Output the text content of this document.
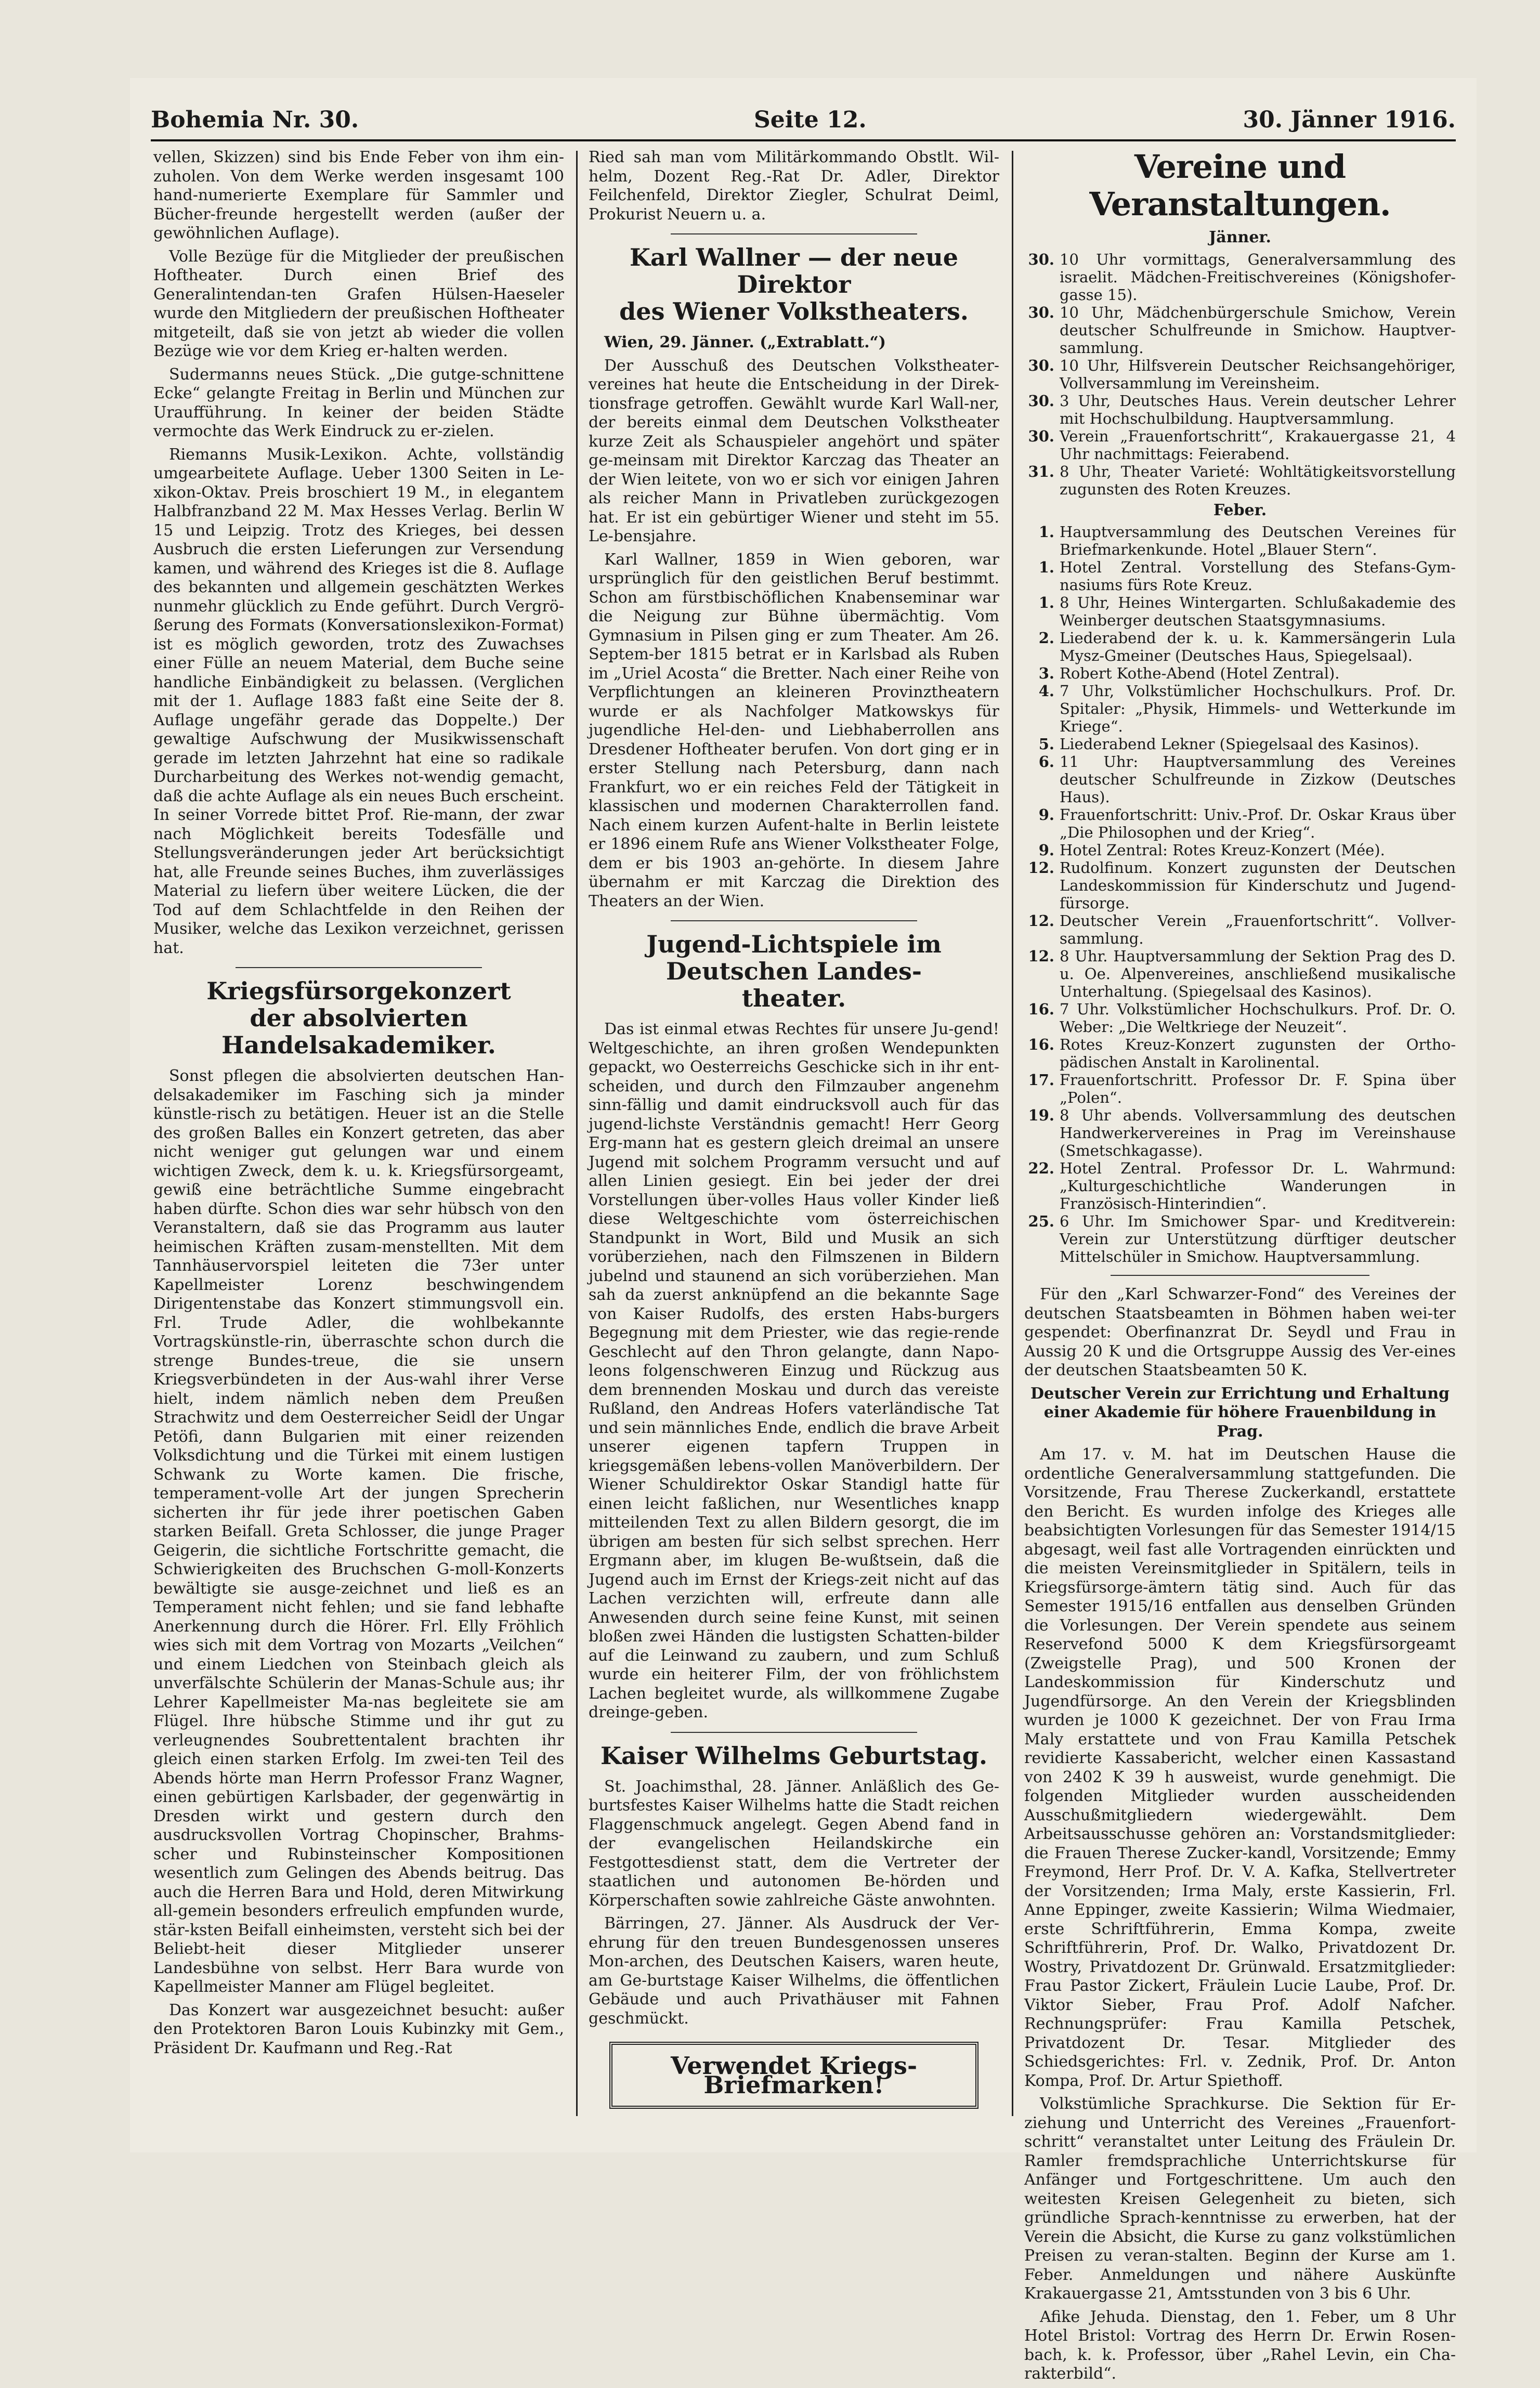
Bohemia Nr. 30.	Seite 12.	30. Jänner 1916.

vellen, Skizzen) sind bis Ende Feber von ihm ein-zuholen. Von dem Werke werden insgesamt 100 hand-numerierte Exemplare für Sammler und Bücher-freunde hergestellt werden (außer der gewöhnlichen Auflage).

Volle Bezüge für die Mitglieder der preußischen Hoftheater. Durch einen Brief des Generalintendan-ten Grafen Hülsen-Haeseler wurde den Mitgliedern der preußischen Hoftheater mitgeteilt, daß sie von jetzt ab wieder die vollen Bezüge wie vor dem Krieg er-halten werden.

Sudermanns neues Stück. „Die gutge-schnittene Ecke“ gelangte Freitag in Berlin und München zur Uraufführung. In keiner der beiden Städte vermochte das Werk Eindruck zu er-zielen.

Riemanns Musik-Lexikon. Achte, vollständig umgearbeitete Auflage. Ueber 1300 Seiten in Le-xikon-Oktav. Preis broschiert 19 M., in elegantem Halbfranzband 22 M. Max Hesses Verlag. Berlin W 15 und Leipzig. Trotz des Krieges, bei dessen Ausbruch die ersten Lieferungen zur Versendung kamen, und während des Krieges ist die 8. Auflage des bekannten und allgemein geschätzten Werkes nunmehr glücklich zu Ende geführt. Durch Vergrö-ßerung des Formats (Konversationslexikon-Format) ist es möglich geworden, trotz des Zuwachses einer Fülle an neuem Material, dem Buche seine handliche Einbändigkeit zu belassen. (Verglichen mit der 1. Auflage 1883 faßt eine Seite der 8. Auflage ungefähr gerade das Doppelte.) Der gewaltige Aufschwung der Musikwissenschaft gerade im letzten Jahrzehnt hat eine so radikale Durcharbeitung des Werkes not-wendig gemacht, daß die achte Auflage als ein neues Buch erscheint. In seiner Vorrede bittet Prof. Rie-mann, der zwar nach Möglichkeit bereits Todesfälle und Stellungsveränderungen jeder Art berücksichtigt hat, alle Freunde seines Buches, ihm zuverlässiges Material zu liefern über weitere Lücken, die der Tod auf dem Schlachtfelde in den Reihen der Musiker, welche das Lexikon verzeichnet, gerissen hat.

Kriegsfürsorgekonzert
der absolvierten Handelsakademiker.

Sonst pflegen die absolvierten deutschen Han-delsakademiker im Fasching sich ja minder künstle-risch zu betätigen. Heuer ist an die Stelle des großen Balles ein Konzert getreten, das aber nicht weniger gut gelungen war und einem wichtigen Zweck, dem k. u. k. Kriegsfürsorgeamt, gewiß eine beträchtliche Summe eingebracht haben dürfte. Schon dies war sehr hübsch von den Veranstaltern, daß sie das Programm aus lauter heimischen Kräften zusam-menstellten. Mit dem Tannhäuservorspiel leiteten die 73er unter Kapellmeister Lorenz beschwingendem Dirigentenstabe das Konzert stimmungsvoll ein. Frl. Trude Adler, die wohlbekannte Vortragskünstle-rin, überraschte schon durch die strenge Bundes-treue, die sie unsern Kriegsverbündeten in der Aus-wahl ihrer Verse hielt, indem nämlich neben dem Preußen Strachwitz und dem Oesterreicher Seidl der Ungar Petöfi, dann Bulgarien mit einer reizenden Volksdichtung und die Türkei mit einem lustigen Schwank zu Worte kamen. Die frische, temperament-volle Art der jungen Sprecherin sicherten ihr für jede ihrer poetischen Gaben starken Beifall. Greta Schlosser, die junge Prager Geigerin, die sichtliche Fortschritte gemacht, die Schwierigkeiten des Bruchschen G-moll-Konzerts bewältigte sie ausge-zeichnet und ließ es an Temperament nicht fehlen; und sie fand lebhafte Anerkennung durch die Hörer. Frl. Elly Fröhlich wies sich mit dem Vortrag von Mozarts „Veilchen“ und einem Liedchen von Steinbach gleich als unverfälschte Schülerin der Manas-Schule aus; ihr Lehrer Kapellmeister Ma-nas begleitete sie am Flügel. Ihre hübsche Stimme und ihr gut zu verleugnendes Soubrettentalent brachten ihr gleich einen starken Erfolg. Im zwei-ten Teil des Abends hörte man Herrn Professor Franz Wagner, einen gebürtigen Karlsbader, der gegenwärtig in Dresden wirkt und gestern durch den ausdrucksvollen Vortrag Chopinscher, Brahms-scher und Rubinsteinscher Kompositionen wesentlich zum Gelingen des Abends beitrug. Das auch die Herren Bara und Hold, deren Mitwirkung all-gemein besonders erfreulich empfunden wurde, stär-ksten Beifall einheimsten, versteht sich bei der Beliebt-heit dieser Mitglieder unserer Landesbühne von selbst. Herr Bara wurde von Kapellmeister Manner am Flügel begleitet.

Das Konzert war ausgezeichnet besucht: außer den Protektoren Baron Louis Kubinzky mit Gem., Präsident Dr. Kaufmann und Reg.-Rat

Ried sah man vom Militärkommando Obstlt. Wil-helm, Dozent Reg.-Rat Dr. Adler, Direktor Feilchenfeld, Direktor Ziegler, Schulrat Deiml, Prokurist Neuern u. a.

Karl Wallner — der neue Direktor
des Wiener Volkstheaters.

Wien, 29. Jänner. („Extrablatt.“)

Der Ausschuß des Deutschen Volkstheater-vereines hat heute die Entscheidung in der Direk-tionsfrage getroffen. Gewählt wurde Karl Wall-ner, der bereits einmal dem Deutschen Volkstheater kurze Zeit als Schauspieler angehört und später ge-meinsam mit Direktor Karczag das Theater an der Wien leitete, von wo er sich vor einigen Jahren als reicher Mann in Privatleben zurückgezogen hat. Er ist ein gebürtiger Wiener und steht im 55. Le-bensjahre.

Karl Wallner, 1859 in Wien geboren, war ursprünglich für den geistlichen Beruf bestimmt. Schon am fürstbischöflichen Knabenseminar war die Neigung zur Bühne übermächtig. Vom Gymnasium in Pilsen ging er zum Theater. Am 26. Septem-ber 1815 betrat er in Karlsbad als Ruben im „Uriel Acosta“ die Bretter. Nach einer Reihe von Verpflichtungen an kleineren Provinztheatern wurde er als Nachfolger Matkowskys für jugendliche Hel-den- und Liebhaberrollen ans Dresdener Hoftheater berufen. Von dort ging er in erster Stellung nach Petersburg, dann nach Frankfurt, wo er ein reiches Feld der Tätigkeit in klassischen und modernen Charakterrollen fand. Nach einem kurzen Aufent-halte in Berlin leistete er 1896 einem Rufe ans Wiener Volkstheater Folge, dem er bis 1903 an-gehörte. In diesem Jahre übernahm er mit Karczag die Direktion des Theaters an der Wien.

Jugend-Lichtspiele im Deutschen Landes-
theater.

Das ist einmal etwas Rechtes für unsere Ju-gend! Weltgeschichte, an ihren großen Wendepunkten gepackt, wo Oesterreichs Geschicke sich in ihr ent-scheiden, und durch den Filmzauber angenehm sinn-fällig und damit eindrucksvoll auch für das jugend-lichste Verständnis gemacht! Herr Georg Erg-mann hat es gestern gleich dreimal an unsere Jugend mit solchem Programm versucht und auf allen Linien gesiegt. Ein bei jeder der drei Vorstellungen über-volles Haus voller Kinder ließ diese Weltgeschichte vom österreichischen Standpunkt in Wort, Bild und Musik an sich vorüberziehen, nach den Filmszenen in Bildern jubelnd und staunend an sich vorüberziehen. Man sah da zuerst anknüpfend an die bekannte Sage von Kaiser Rudolfs, des ersten Habs-burgers Begegnung mit dem Priester, wie das regie-rende Geschlecht auf den Thron gelangte, dann Napo-leons folgenschweren Einzug und Rückzug aus dem brennenden Moskau und durch das vereiste Rußland, den Andreas Hofers vaterländische Tat und sein männliches Ende, endlich die brave Arbeit unserer eigenen tapfern Truppen in kriegsgemäßen lebens-vollen Manöverbildern. Der Wiener Schuldirektor Oskar Standigl hatte für einen leicht faßlichen, nur Wesentliches knapp mitteilenden Text zu allen Bildern gesorgt, die im übrigen am besten für sich selbst sprechen. Herr Ergmann aber, im klugen Be-wußtsein, daß die Jugend auch im Ernst der Kriegs-zeit nicht auf das Lachen verzichten will, erfreute dann alle Anwesenden durch seine feine Kunst, mit seinen bloßen zwei Händen die lustigsten Schatten-bilder auf die Leinwand zu zaubern, und zum Schluß wurde ein heiterer Film, der von fröhlichstem Lachen begleitet wurde, als willkommene Zugabe dreinge-geben.

Kaiser Wilhelms Geburtstag.

St. Joachimsthal, 28. Jänner. Anläßlich des Ge-burtsfestes Kaiser Wilhelms hatte die Stadt reichen Flaggenschmuck angelegt. Gegen Abend fand in der evangelischen Heilandskirche ein Festgottesdienst statt, dem die Vertreter der staatlichen und autonomen Be-hörden und Körperschaften sowie zahlreiche Gäste anwohnten.

Bärringen, 27. Jänner. Als Ausdruck der Ver-ehrung für den treuen Bundesgenossen unseres Mon-archen, des Deutschen Kaisers, waren heute, am Ge-burtstage Kaiser Wilhelms, die öffentlichen Gebäude und auch Privathäuser mit Fahnen geschmückt.

Verwendet Kriegs-Briefmarken!
Vereine und Veranstaltungen.
Jänner.
30. 10 Uhr vormittags, Generalversammlung des israelit. Mädchen-Freitischvereines (Königshofer-gasse 15).
30. 10 Uhr, Mädchenbürgerschule Smichow, Verein deutscher Schulfreunde in Smichow. Hauptver-sammlung.
30. 10 Uhr, Hilfsverein Deutscher Reichsangehöriger, Vollversammlung im Vereinsheim.
30. 3 Uhr, Deutsches Haus. Verein deutscher Lehrer mit Hochschulbildung. Hauptversammlung.
30. Verein „Frauenfortschritt“, Krakauergasse 21, 4 Uhr nachmittags: Feierabend.
31. 8 Uhr, Theater Varieté: Wohltätigkeitsvorstellung zugunsten des Roten Kreuzes.
Feber.
1. Hauptversammlung des Deutschen Vereines für Briefmarkenkunde. Hotel „Blauer Stern“.
1. Hotel Zentral. Vorstellung des Stefans-Gym-nasiums fürs Rote Kreuz.
1. 8 Uhr, Heines Wintergarten. Schlußakademie des Weinberger deutschen Staatsgymnasiums.
2. Liederabend der k. u. k. Kammersängerin Lula Mysz-Gmeiner (Deutsches Haus, Spiegelsaal).
3. Robert Kothe-Abend (Hotel Zentral).
4. 7 Uhr, Volkstümlicher Hochschulkurs. Prof. Dr. Spitaler: „Physik, Himmels- und Wetterkunde im Kriege“.
5. Liederabend Lekner (Spiegelsaal des Kasinos).
6. 11 Uhr: Hauptversammlung des Vereines deutscher Schulfreunde in Zizkow (Deutsches Haus).
9. Frauenfortschritt: Univ.-Prof. Dr. Oskar Kraus über „Die Philosophen und der Krieg“.
9. Hotel Zentral: Rotes Kreuz-Konzert (Mée).
12. Rudolfinum. Konzert zugunsten der Deutschen Landeskommission für Kinderschutz und Jugend-fürsorge.
12. Deutscher Verein „Frauenfortschritt“. Vollver-sammlung.
12. 8 Uhr. Hauptversammlung der Sektion Prag des D. u. Oe. Alpenvereines, anschließend musikalische Unterhaltung. (Spiegelsaal des Kasinos).
16. 7 Uhr. Volkstümlicher Hochschulkurs. Prof. Dr. O. Weber: „Die Weltkriege der Neuzeit“.
16. Rotes Kreuz-Konzert zugunsten der Ortho-pädischen Anstalt in Karolinental.
17. Frauenfortschritt. Professor Dr. F. Spina über „Polen“.
19. 8 Uhr abends. Vollversammlung des deutschen Handwerkervereines in Prag im Vereinshause (Smetschkagasse).
22. Hotel Zentral. Professor Dr. L. Wahrmund: „Kulturgeschichtliche Wanderungen in Französisch-Hinterindien“.
25. 6 Uhr. Im Smichower Spar- und Kreditverein: Verein zur Unterstützung dürftiger deutscher Mittelschüler in Smichow. Hauptversammlung.

Für den „Karl Schwarzer-Fond“ des Vereines der deutschen Staatsbeamten in Böhmen haben wei-ter gespendet: Oberfinanzrat Dr. Seydl und Frau in Aussig 20 K und die Ortsgruppe Aussig des Ver-eines der deutschen Staatsbeamten 50 K.

Deutscher Verein zur Errichtung und Erhaltung einer Akademie für höhere Frauenbildung in Prag.

Am 17. v. M. hat im Deutschen Hause die ordentliche Generalversammlung stattgefunden. Die Vorsitzende, Frau Therese Zuckerkandl, erstattete den Bericht. Es wurden infolge des Krieges alle beabsichtigten Vorlesungen für das Semester 1914/15 abgesagt, weil fast alle Vortragenden einrückten und die meisten Vereinsmitglieder in Spitälern, teils in Kriegsfürsorge-ämtern tätig sind. Auch für das Semester 1915/16 entfallen aus denselben Gründen die Vorlesungen. Der Verein spendete aus seinem Reservefond 5000 K dem Kriegsfürsorgeamt (Zweigstelle Prag), und 500 Kronen der Landeskommission für Kinderschutz und Jugendfürsorge. An den Verein der Kriegsblinden wurden je 1000 K gezeichnet. Der von Frau Irma Maly erstattete und von Frau Kamilla Petschek revidierte Kassabericht, welcher einen Kassastand von 2402 K 39 h ausweist, wurde genehmigt. Die folgenden Mitglieder wurden ausscheidenden Ausschußmitgliedern wiedergewählt. Dem Arbeitsausschusse gehören an: Vorstandsmitglieder: die Frauen Therese Zucker-kandl, Vorsitzende; Emmy Freymond, Herr Prof. Dr. V. A. Kafka, Stellvertreter der Vorsitzenden; Irma Maly, erste Kassierin, Frl. Anne Eppinger, zweite Kassierin; Wilma Wiedmaier, erste Schriftführerin, Emma Kompa, zweite Schriftführerin, Prof. Dr. Walko, Privatdozent Dr. Wostry, Privatdozent Dr. Grünwald. Ersatzmitglieder: Frau Pastor Zickert, Fräulein Lucie Laube, Prof. Dr. Viktor Sieber, Frau Prof. Adolf Nafcher. Rechnungsprüfer: Frau Kamilla Petschek, Privatdozent Dr. Tesar. Mitglieder des Schiedsgerichtes: Frl. v. Zednik, Prof. Dr. Anton Kompa, Prof. Dr. Artur Spiethoff.

Volkstümliche Sprachkurse. Die Sektion für Er-ziehung und Unterricht des Vereines „Frauenfort-schritt“ veranstaltet unter Leitung des Fräulein Dr. Ramler fremdsprachliche Unterrichtskurse für Anfänger und Fortgeschrittene. Um auch den weitesten Kreisen Gelegenheit zu bieten, sich gründliche Sprach-kenntnisse zu erwerben, hat der Verein die Absicht, die Kurse zu ganz volkstümlichen Preisen zu veran-stalten. Beginn der Kurse am 1. Feber. Anmeldungen und nähere Auskünfte Krakauergasse 21, Amtsstunden von 3 bis 6 Uhr.

Afike Jehuda. Dienstag, den 1. Feber, um 8 Uhr Hotel Bristol: Vortrag des Herrn Dr. Erwin Rosen-bach, k. k. Professor, über „Rahel Levin, ein Cha-rakterbild“.
